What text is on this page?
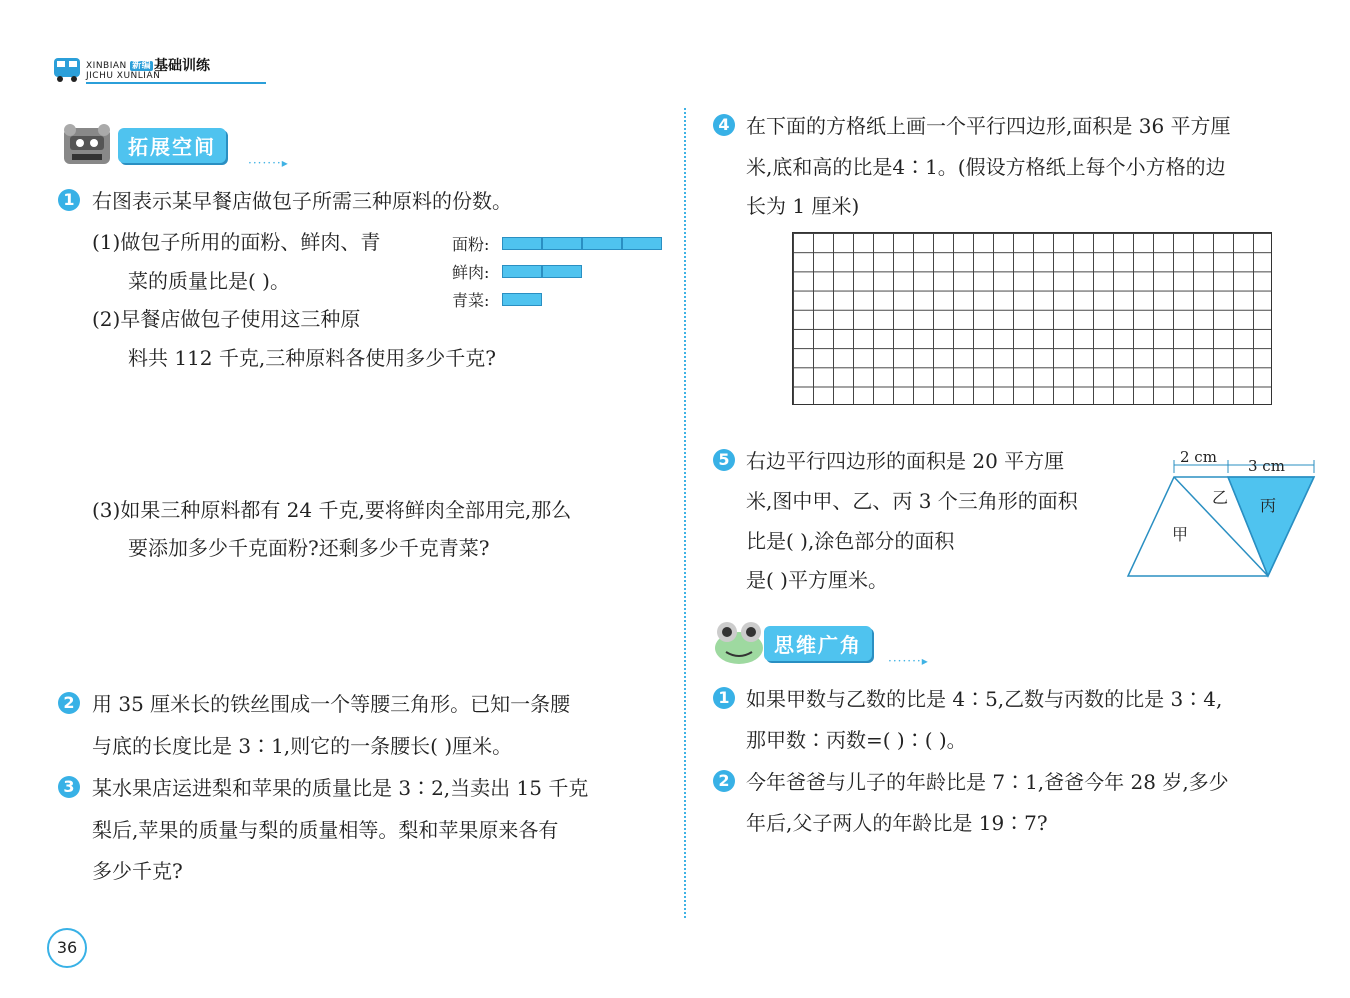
XINBIAN 新编 基础训练
JICHU XUNLIAN
拓展空间
·······▸
1 右图表示某早餐店做包子所需三种原料的份数。
(1)做包子所用的面粉、鲜肉、青
菜的质量比是( )。
(2)早餐店做包子使用这三种原
料共 112 千克,三种原料各使用多少千克?
面粉:
鲜肉:
青菜:
(3)如果三种原料都有 24 千克,要将鲜肉全部用完,那么
要添加多少千克面粉?还剩多少千克青菜?
2 用 35 厘米长的铁丝围成一个等腰三角形。已知一条腰
与底的长度比是 3∶1,则它的一条腰长( )厘米。
3 某水果店运进梨和苹果的质量比是 3∶2,当卖出 15 千克
梨后,苹果的质量与梨的质量相等。梨和苹果原来各有
多少千克?
36
4 在下面的方格纸上画一个平行四边形,面积是 36 平方厘
米,底和高的比是4∶1。(假设方格纸上每个小方格的边
长为 1 厘米)
5 右边平行四边形的面积是 20 平方厘
米,图中甲、乙、丙 3 个三角形的面积
比是( ),涂色部分的面积
是( )平方厘米。
2 cm 3 cm
甲
乙 丙
思维广角
·······▸
1 如果甲数与乙数的比是 4∶5,乙数与丙数的比是 3∶4,
那甲数∶丙数=( )∶( )。
2 今年爸爸与儿子的年龄比是 7∶1,爸爸今年 28 岁,多少
年后,父子两人的年龄比是 19∶7?
